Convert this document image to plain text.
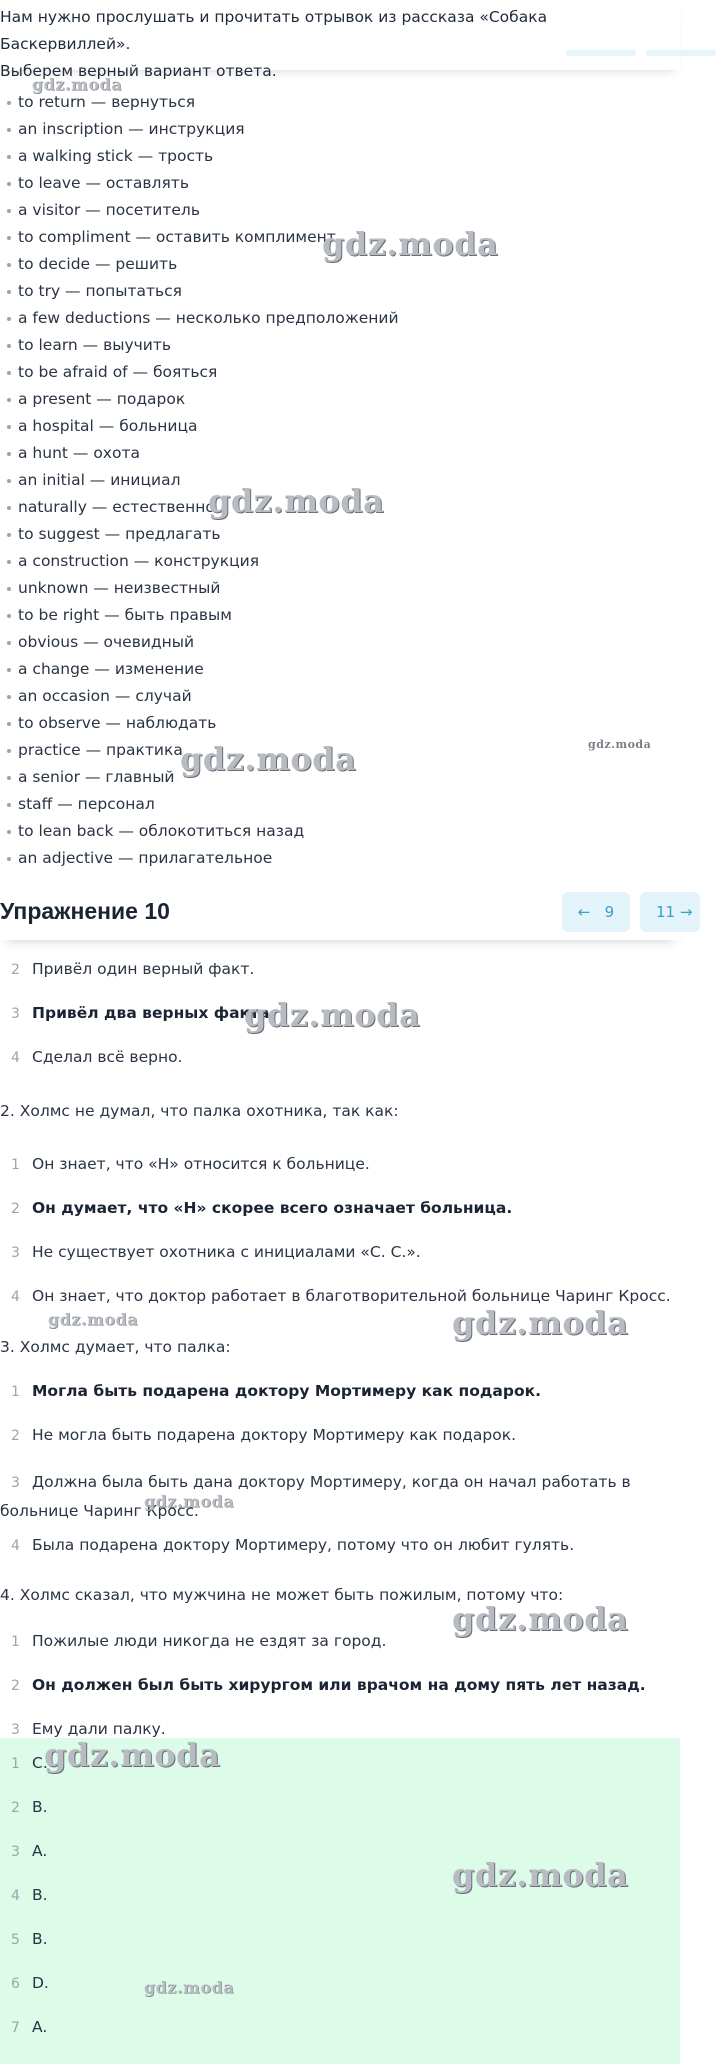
Нам нужно прослушать и прочитать отрывок из рассказа «Собака Баскервиллей».
Выберем верный вариант ответа.
to return — вернуться
an inscription — инструкция
a walking stick — трость
to leave — оставлять
a visitor — посетитель
to compliment — оставить комплимент
to decide — решить
to try — попытаться
a few deductions — несколько предположений
to learn — выучить
to be afraid of — бояться
a present — подарок
a hospital — больница
a hunt — охота
an initial — инициал
naturally — естественно
to suggest — предлагать
a construction — конструкция
unknown — неизвестный
to be right — быть правым
obvious — очевидный
a change — изменение
an occasion — случай
to observe — наблюдать
practice — практика
a senior — главный
staff — персонал
to lean back — облокотиться назад
an adjective — прилагательное
Упражнение 10	← 9	11 →
2 Привёл один верный факт.
3 Привёл два верных факта.
4 Сделал всё верно.
2. Холмс не думал, что палка охотника, так как:
1 Он знает, что «Н» относится к больнице.
2 Он думает, что «Н» скорее всего означает больница.
3 Не существует охотника с инициалами «С. С.».
4 Он знает, что доктор работает в благотворительной больнице Чаринг Кросс.
3. Холмс думает, что палка:
1 Могла быть подарена доктору Мортимеру как подарок.
2 Не могла быть подарена доктору Мортимеру как подарок.
3 Должна была быть дана доктору Мортимеру, когда он начал работать в больнице Чаринг Кросс.
4 Была подарена доктору Мортимеру, потому что он любит гулять.
4. Холмс сказал, что мужчина не может быть пожилым, потому что:
1 Пожилые люди никогда не ездят за город.
2 Он должен был быть хирургом или врачом на дому пять лет назад.
3 Ему дали палку.
1 C.
2 B.
3 A.
4 B.
5 B.
6 D.
7 A.
gdz.moda
gdz.moda
gdz.moda
gdz.moda	gdz.moda
gdz.moda
gdz.moda	gdz.moda
gdz.moda
gdz.moda
gdz.moda
gdz.moda
gdz.moda
